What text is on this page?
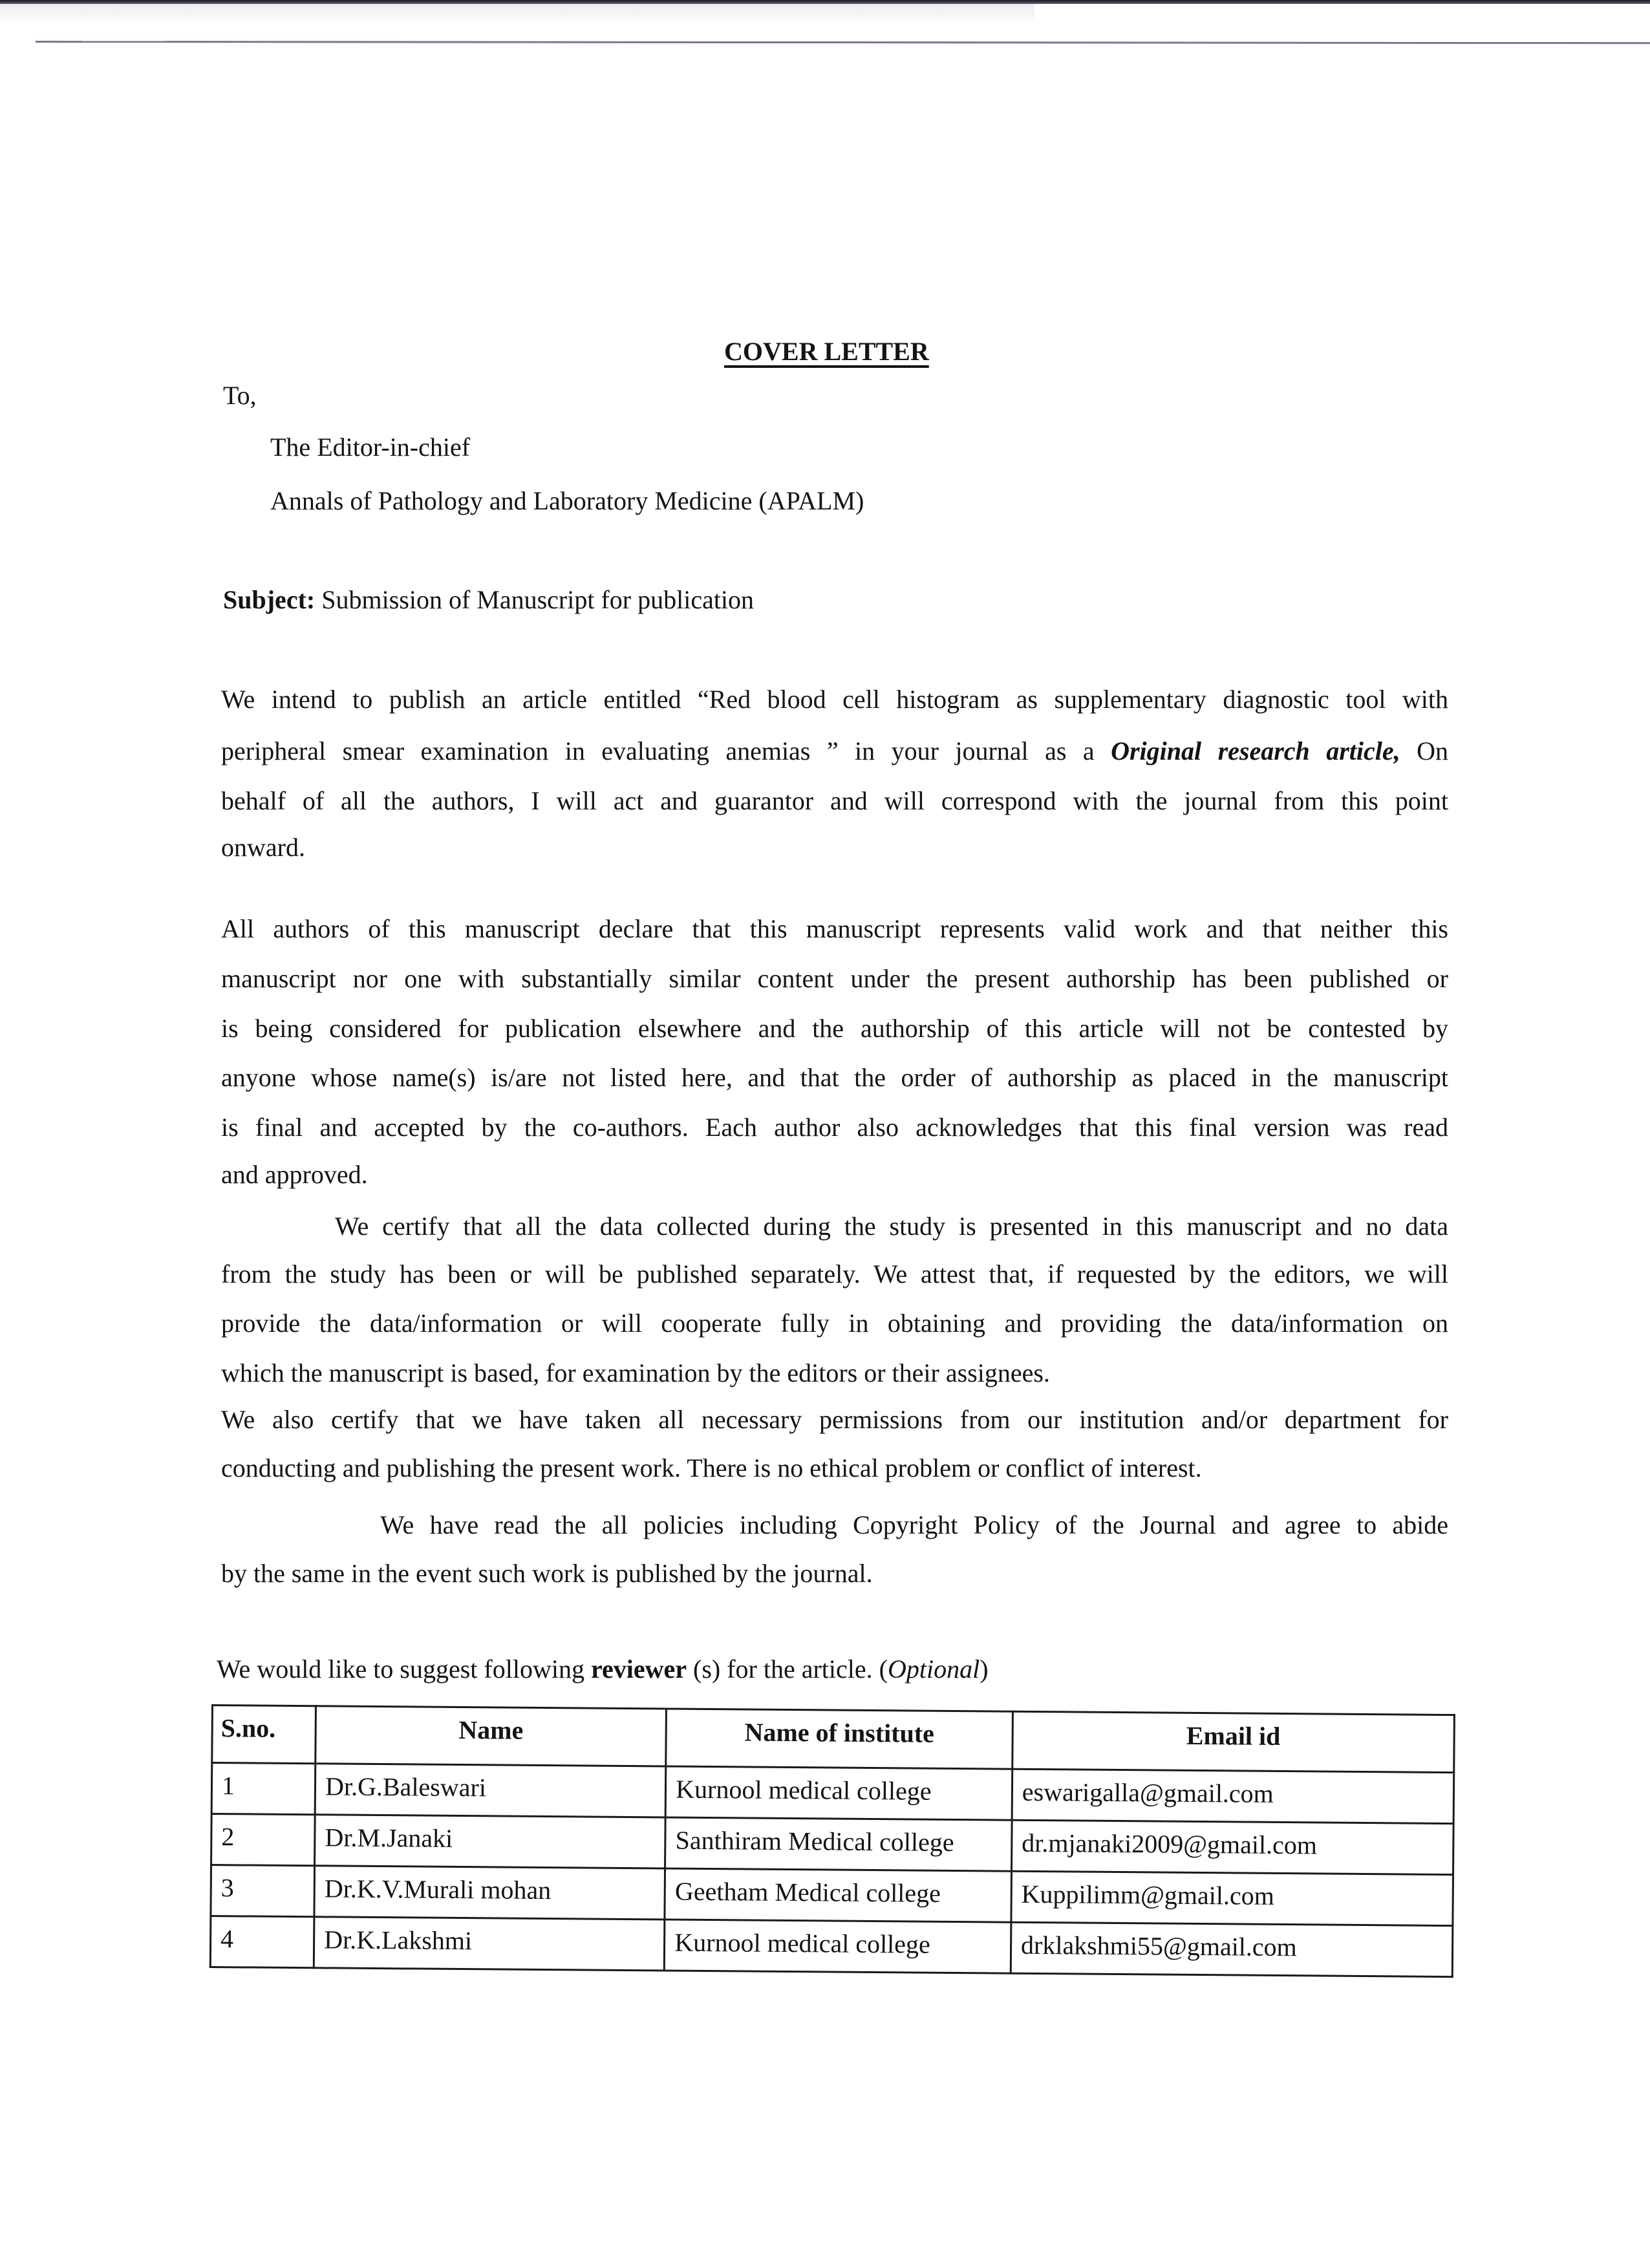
COVER LETTER
To,
The Editor-in-chief
Annals of Pathology and Laboratory Medicine (APALM)
Subject: Submission of Manuscript for publication
We intend to publish an article entitled “Red blood cell histogram as supplementary diagnostic tool with
peripheral smear examination in evaluating anemias ” in your journal as a Original research article, On
behalf of all the authors, I will act and guarantor and will correspond with the journal from this point
onward.
All authors of this manuscript declare that this manuscript represents valid work and that neither this
manuscript nor one with substantially similar content under the present authorship has been published or
is being considered for publication elsewhere and the authorship of this article will not be contested by
anyone whose name(s) is/are not listed here, and that the order of authorship as placed in the manuscript
is final and accepted by the co-authors. Each author also acknowledges that this final version was read
and approved.
We certify that all the data collected during the study is presented in this manuscript and no data
from the study has been or will be published separately. We attest that, if requested by the editors, we will
provide the data/information or will cooperate fully in obtaining and providing the data/information on
which the manuscript is based, for examination by the editors or their assignees.
We also certify that we have taken all necessary permissions from our institution and/or department for
conducting and publishing the present work. There is no ethical problem or conflict of interest.
We have read the all policies including Copyright Policy of the Journal and agree to abide
by the same in the event such work is published by the journal.
We would like to suggest following reviewer (s) for the article. (Optional)
S.no.	Name	Name of institute	Email id
1	Dr.G.Baleswari	Kurnool medical college	eswarigalla@gmail.com
2	Dr.M.Janaki	Santhiram Medical college	dr.mjanaki2009@gmail.com
3	Dr.K.V.Murali mohan	Geetham Medical college	Kuppilimm@gmail.com
4	Dr.K.Lakshmi	Kurnool medical college	drklakshmi55@gmail.com
